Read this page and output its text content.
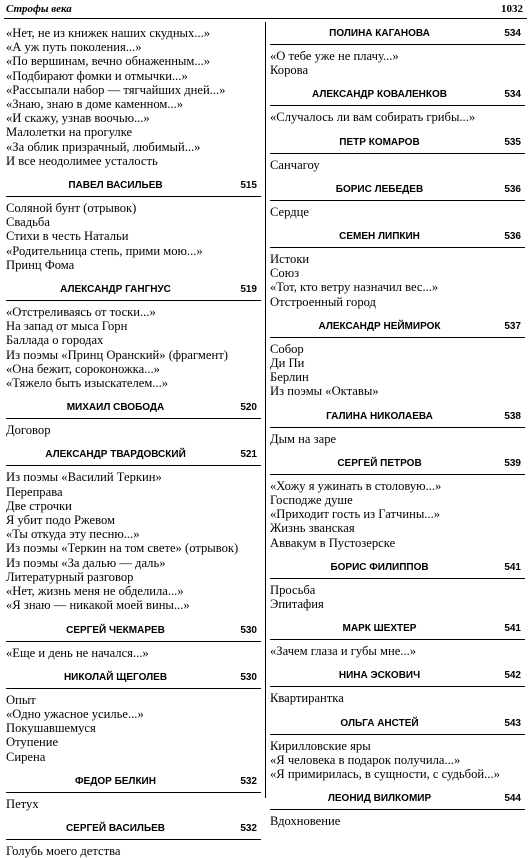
Строфы века	1032
«Нет, не из книжек наших скудных...»
«А уж путь поколения...»
«По вершинам, вечно обнаженным...»
«Подбирают фомки и отмычки...»
«Рассыпали набор — тягчайших дней...»
«Знаю, знаю в доме каменном...»
«И скажу, узнав воочью...»
Малолетки на прогулке
«За облик призрачный, любимый...»
И все неодолимее усталость
ПАВЕЛ ВАСИЛЬЕВ	515
Соляной бунт (отрывок)
Свадьба
Стихи в честь Натальи
«Родительница степь, прими мою...»
Принц Фома
АЛЕКСАНДР ГАНГНУС	519
«Отстреливаясь от тоски...»
На запад от мыса Горн
Баллада о городах
Из поэмы «Принц Оранский» (фрагмент)
«Она бежит, сороконожка...»
«Тяжело быть изыскателем...»
МИХАИЛ СВОБОДА	520
Договор
АЛЕКСАНДР ТВАРДОВСКИЙ	521
Из поэмы «Василий Теркин»
Переправа
Две строчки
Я убит подо Ржевом
«Ты откуда эту песню...»
Из поэмы «Теркин на том свете» (отрывок)
Из поэмы «За далью — даль»
Литературный разговор
«Нет, жизнь меня не обделила...»
«Я знаю — никакой моей вины...»
СЕРГЕЙ ЧЕКМАРЕВ	530
«Еще и день не начался...»
НИКОЛАЙ ЩЕГОЛЕВ	530
Опыт
«Одно ужасное усилье...»
Покушавшемуся
Отупение
Сирена
ФЕДОР БЕЛКИН	532
Петух
СЕРГЕЙ ВАСИЛЬЕВ	532
Голубь моего детства
ПОЛИНА КАГАНОВА	534
«О тебе уже не плачу...»
Корова
АЛЕКСАНДР КОВАЛЕНКОВ	534
«Случалось ли вам собирать грибы...»
ПЕТР КОМАРОВ	535
Санчагоу
БОРИС ЛЕБЕДЕВ	536
Сердце
СЕМЕН ЛИПКИН	536
Истоки
Союз
«Тот, кто ветру назначил вес...»
Отстроенный город
АЛЕКСАНДР НЕЙМИРОК	537
Собор
Ди Пи
Берлин
Из поэмы «Октавы»
ГАЛИНА НИКОЛАЕВА	538
Дым на заре
СЕРГЕЙ ПЕТРОВ	539
«Хожу я ужинать в столовую...»
Господже душе
«Приходит гость из Гатчины...»
Жизнь званская
Аввакум в Пустозерске
БОРИС ФИЛИППОВ	541
Просьба
Эпитафия
МАРК ШЕХТЕР	541
«Зачем глаза и губы мне...»
НИНА ЭСКОВИЧ	542
Квартирантка
ОЛЬГА АНСТЕЙ	543
Кирилловские яры
«Я человека в подарок получила...»
«Я примирилась, в сущности, с судьбой...»
ЛЕОНИД ВИЛКОМИР	544
Вдохновение
